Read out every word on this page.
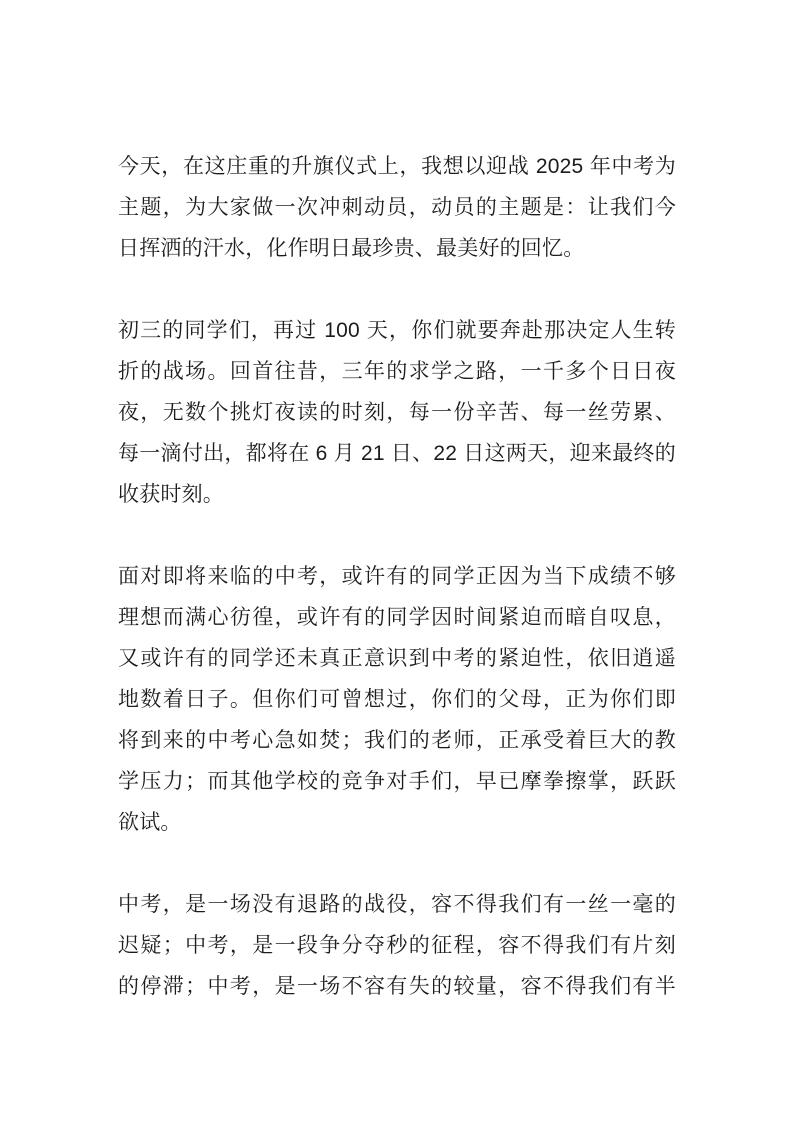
今天，在这庄重的升旗仪式上，我想以迎战 2025 年中考为
主题，为大家做一次冲刺动员，动员的主题是：让我们今
日挥洒的汗水，化作明日最珍贵、最美好的回忆。
初三的同学们，再过 100 天，你们就要奔赴那决定人生转
折的战场。回首往昔，三年的求学之路，一千多个日日夜
夜，无数个挑灯夜读的时刻，每一份辛苦、每一丝劳累、
每一滴付出，都将在 6 月 21 日、22 日这两天，迎来最终的
收获时刻。
面对即将来临的中考，或许有的同学正因为当下成绩不够
理想而满心彷徨，或许有的同学因时间紧迫而暗自叹息，
又或许有的同学还未真正意识到中考的紧迫性，依旧逍遥
地数着日子。但你们可曾想过，你们的父母，正为你们即
将到来的中考心急如焚；我们的老师，正承受着巨大的教
学压力；而其他学校的竞争对手们，早已摩拳擦掌，跃跃
欲试。
中考，是一场没有退路的战役，容不得我们有一丝一毫的
迟疑；中考，是一段争分夺秒的征程，容不得我们有片刻
的停滞；中考，是一场不容有失的较量，容不得我们有半
